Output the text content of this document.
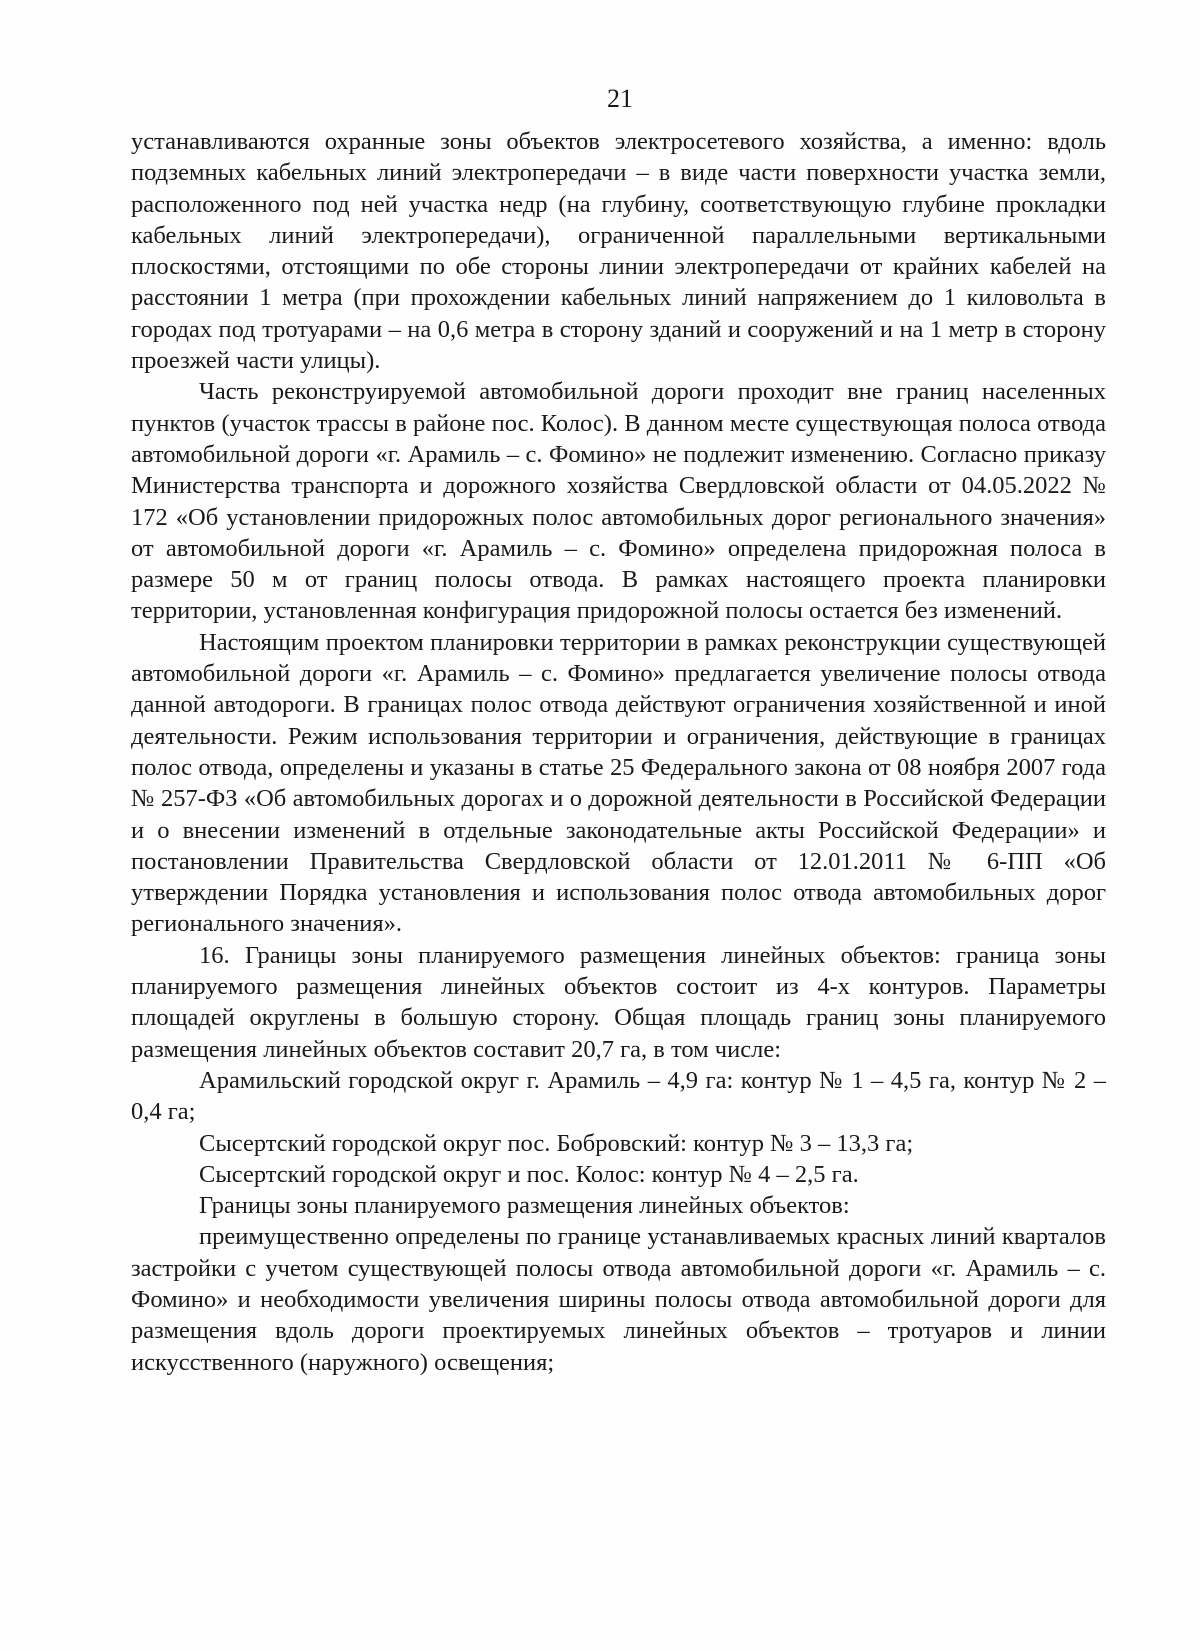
21

устанавливаются охранные зоны объектов электросетевого хозяйства, а именно: вдоль подземных кабельных линий электропередачи – в виде части поверхности участка земли, расположенного под ней участка недр (на глубину, соответствующую глубине прокладки кабельных линий электропередачи), ограниченной параллельными вертикальными плоскостями, отстоящими по обе стороны линии электропередачи от крайних кабелей на расстоянии 1 метра (при прохождении кабельных линий напряжением до 1 киловольта в городах под тротуарами – на 0,6 метра в сторону зданий и сооружений и на 1 метр в сторону проезжей части улицы).

Часть реконструируемой автомобильной дороги проходит вне границ населенных пунктов (участок трассы в районе пос. Колос). В данном месте существующая полоса отвода автомобильной дороги «г. Арамиль – с. Фомино» не подлежит изменению. Согласно приказу Министерства транспорта и дорожного хозяйства Свердловской области от 04.05.2022 № 172 «Об установлении придорожных полос автомобильных дорог регионального значения» от автомобильной дороги «г. Арамиль – с. Фомино» определена придорожная полоса в размере 50 м от границ полосы отвода. В рамках настоящего проекта планировки территории, установленная конфигурация придорожной полосы остается без изменений.

Настоящим проектом планировки территории в рамках реконструкции существующей автомобильной дороги «г. Арамиль – с. Фомино» предлагается увеличение полосы отвода данной автодороги. В границах полос отвода действуют ограничения хозяйственной и иной деятельности. Режим использования территории и ограничения, действующие в границах полос отвода, определены и указаны в статье 25 Федерального закона от 08 ноября 2007 года № 257-ФЗ «Об автомобильных дорогах и о дорожной деятельности в Российской Федерации и о внесении изменений в отдельные законодательные акты Российской Федерации» и постановлении Правительства Свердловской области от 12.01.2011 № 6-ПП «Об утверждении Порядка установления и использования полос отвода автомобильных дорог регионального значения».

16. Границы зоны планируемого размещения линейных объектов: граница зоны планируемого размещения линейных объектов состоит из 4-х контуров. Параметры площадей округлены в большую сторону. Общая площадь границ зоны планируемого размещения линейных объектов составит 20,7 га, в том числе:

Арамильский городской округ г. Арамиль – 4,9 га: контур № 1 – 4,5 га, контур № 2 – 0,4 га;

Сысертский городской округ пос. Бобровский: контур № 3 – 13,3 га;

Сысертский городской округ и пос. Колос: контур № 4 – 2,5 га.

Границы зоны планируемого размещения линейных объектов:

преимущественно определены по границе устанавливаемых красных линий кварталов застройки с учетом существующей полосы отвода автомобильной дороги «г. Арамиль – с. Фомино» и необходимости увеличения ширины полосы отвода автомобильной дороги для размещения вдоль дороги проектируемых линейных объектов – тротуаров и линии искусственного (наружного) освещения;
